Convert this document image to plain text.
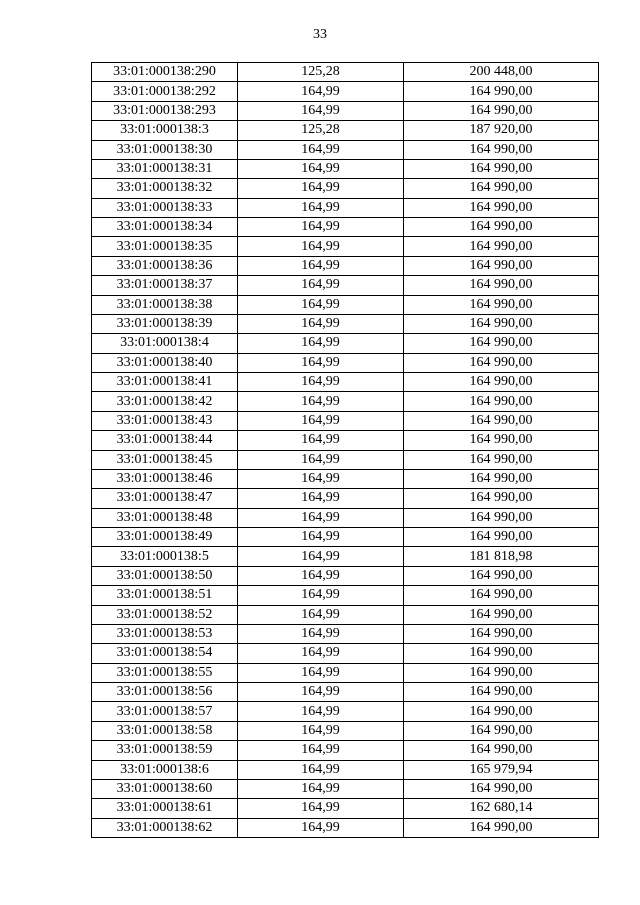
33
33:01:000138:290	125,28	200 448,00
33:01:000138:292	164,99	164 990,00
33:01:000138:293	164,99	164 990,00
33:01:000138:3	125,28	187 920,00
33:01:000138:30	164,99	164 990,00
33:01:000138:31	164,99	164 990,00
33:01:000138:32	164,99	164 990,00
33:01:000138:33	164,99	164 990,00
33:01:000138:34	164,99	164 990,00
33:01:000138:35	164,99	164 990,00
33:01:000138:36	164,99	164 990,00
33:01:000138:37	164,99	164 990,00
33:01:000138:38	164,99	164 990,00
33:01:000138:39	164,99	164 990,00
33:01:000138:4	164,99	164 990,00
33:01:000138:40	164,99	164 990,00
33:01:000138:41	164,99	164 990,00
33:01:000138:42	164,99	164 990,00
33:01:000138:43	164,99	164 990,00
33:01:000138:44	164,99	164 990,00
33:01:000138:45	164,99	164 990,00
33:01:000138:46	164,99	164 990,00
33:01:000138:47	164,99	164 990,00
33:01:000138:48	164,99	164 990,00
33:01:000138:49	164,99	164 990,00
33:01:000138:5	164,99	181 818,98
33:01:000138:50	164,99	164 990,00
33:01:000138:51	164,99	164 990,00
33:01:000138:52	164,99	164 990,00
33:01:000138:53	164,99	164 990,00
33:01:000138:54	164,99	164 990,00
33:01:000138:55	164,99	164 990,00
33:01:000138:56	164,99	164 990,00
33:01:000138:57	164,99	164 990,00
33:01:000138:58	164,99	164 990,00
33:01:000138:59	164,99	164 990,00
33:01:000138:6	164,99	165 979,94
33:01:000138:60	164,99	164 990,00
33:01:000138:61	164,99	162 680,14
33:01:000138:62	164,99	164 990,00
